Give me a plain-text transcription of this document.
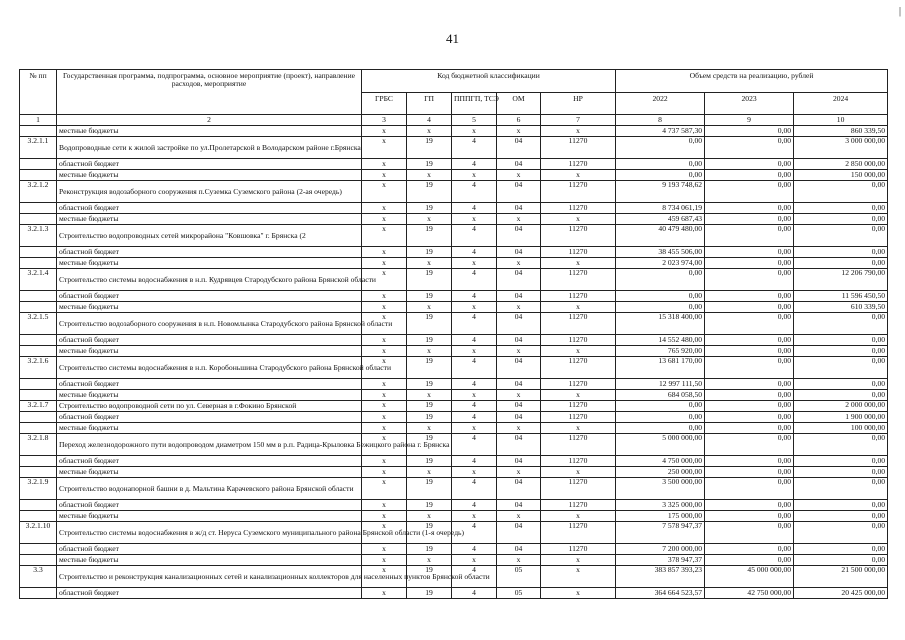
41
|
№ пп	Государственная программа, подпрограмма, основное мероприятие (проект), направление расходов, мероприятие	Код бюджетной классификации					Объем средств на реализацию, рублей		
		ГРБС	ГП	ПППГП, ТСЭ	ОМ	НР	2022	2023	2024
1	2	3	4	5	6	7	8	9	10
	местные бюджеты	x	x	x	x	x	4 737 587,30	0,00	860 339,50
3.2.1.1	Водопроводные сети к жилой застройке по ул.Пролетарской в Володарском районе г.Брянска	x	19	4	04	11270	0,00	0,00	3 000 000,00
	областной бюджет	x	19	4	04	11270	0,00	0,00	2 850 000,00
	местные бюджеты	x	x	x	x	x	0,00	0,00	150 000,00
3.2.1.2	Реконструкция водозаборного сооружения п.Суземка Суземского района (2-ая очередь)	x	19	4	04	11270	9 193 748,62	0,00	0,00
	областной бюджет	x	19	4	04	11270	8 734 061,19	0,00	0,00
	местные бюджеты	x	x	x	x	x	459 687,43	0,00	0,00
3.2.1.3	Строительство водопроводных сетей микрорайона "Ковшовка" г. Брянска (2	x	19	4	04	11270	40 479 480,00	0,00	0,00
	областной бюджет	x	19	4	04	11270	38 455 506,00	0,00	0,00
	местные бюджеты	x	x	x	x	x	2 023 974,00	0,00	0,00
3.2.1.4	Строительство системы водоснабжения в н.п. Кудрявцев Стародубского района Брянской области	x	19	4	04	11270	0,00	0,00	12 206 790,00
	областной бюджет	x	19	4	04	11270	0,00	0,00	11 596 450,50
	местные бюджеты	x	x	x	x	x	0,00	0,00	610 339,50
3.2.1.5	Строительство водозаборного сооружения в н.п. Новомлынка Стародубского района Брянской области	x	19	4	04	11270	15 318 400,00	0,00	0,00
	областной бюджет	x	19	4	04	11270	14 552 480,00	0,00	0,00
	местные бюджеты	x	x	x	x	x	765 920,00	0,00	0,00
3.2.1.6	Строительство системы водоснабжения в н.п. Коробоньшина Стародубского района Брянской области	x	19	4	04	11270	13 681 170,00	0,00	0,00
	областной бюджет	x	19	4	04	11270	12 997 111,50	0,00	0,00
	местные бюджеты	x	x	x	x	x	684 058,50	0,00	0,00
3.2.1.7	Строительство водопроводной сети по ул. Северная в г.Фокино Брянской	x	19	4	04	11270	0,00	0,00	2 000 000,00
	областной бюджет	x	19	4	04	11270	0,00	0,00	1 900 000,00
	местные бюджеты	x	x	x	x	x	0,00	0,00	100 000,00
3.2.1.8	Переход железнодорожного пути водопроводом диаметром 150 мм в р.п. Радица-Крыловка Бежицкого района г. Брянска	x	19	4	04	11270	5 000 000,00	0,00	0,00
	областной бюджет	x	19	4	04	11270	4 750 000,00	0,00	0,00
	местные бюджеты	x	x	x	x	x	250 000,00	0,00	0,00
3.2.1.9	Строительство водонапорной башни в д. Мальтина Карачевского района Брянской области	x	19	4	04	11270	3 500 000,00	0,00	0,00
	областной бюджет	x	19	4	04	11270	3 325 000,00	0,00	0,00
	местные бюджеты	x	x	x	x	x	175 000,00	0,00	0,00
3.2.1.10	Строительство системы водоснабжения в ж/д ст. Неруса Суземского муниципального района Брянской области (1-я очередь)	x	19	4	04	11270	7 578 947,37	0,00	0,00
	областной бюджет	x	19	4	04	11270	7 200 000,00	0,00	0,00
	местные бюджеты	x	x	x	x	x	378 947,37	0,00	0,00
3.3	Строительство и реконструкция канализационных сетей и канализационных коллекторов для населенных пунктов Брянской области	x	19	4	05	x	383 857 393,23	45 000 000,00	21 500 000,00
	областной бюджет	x	19	4	05	x	364 664 523,57	42 750 000,00	20 425 000,00
